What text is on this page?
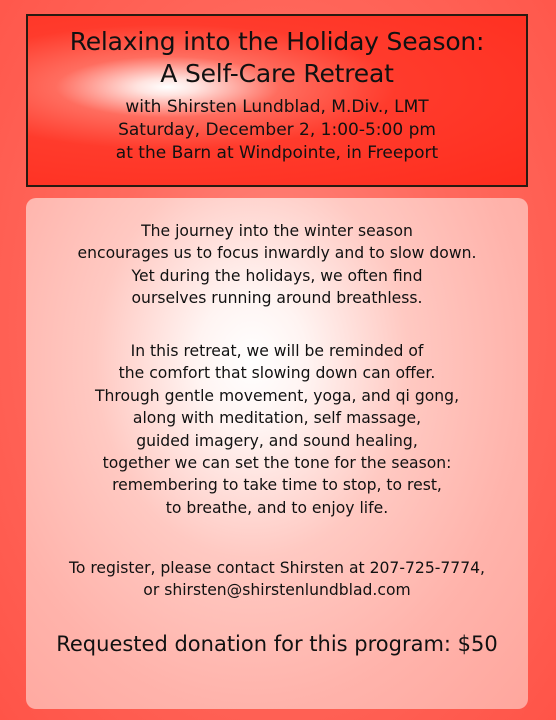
Relaxing into the Holiday Season:
A Self-Care Retreat
with Shirsten Lundblad, M.Div., LMT
Saturday, December 2, 1:00-5:00 pm
at the Barn at Windpointe, in Freeport
The journey into the winter season
encourages us to focus inwardly and to slow down.
Yet during the holidays, we often find
ourselves running around breathless.
In this retreat, we will be reminded of
the comfort that slowing down can offer.
Through gentle movement, yoga, and qi gong,
along with meditation, self massage,
guided imagery, and sound healing,
together we can set the tone for the season:
remembering to take time to stop, to rest,
to breathe, and to enjoy life.
To register, please contact Shirsten at 207-725-7774,
or shirsten@shirstenlundblad.com
Requested donation for this program: $50
